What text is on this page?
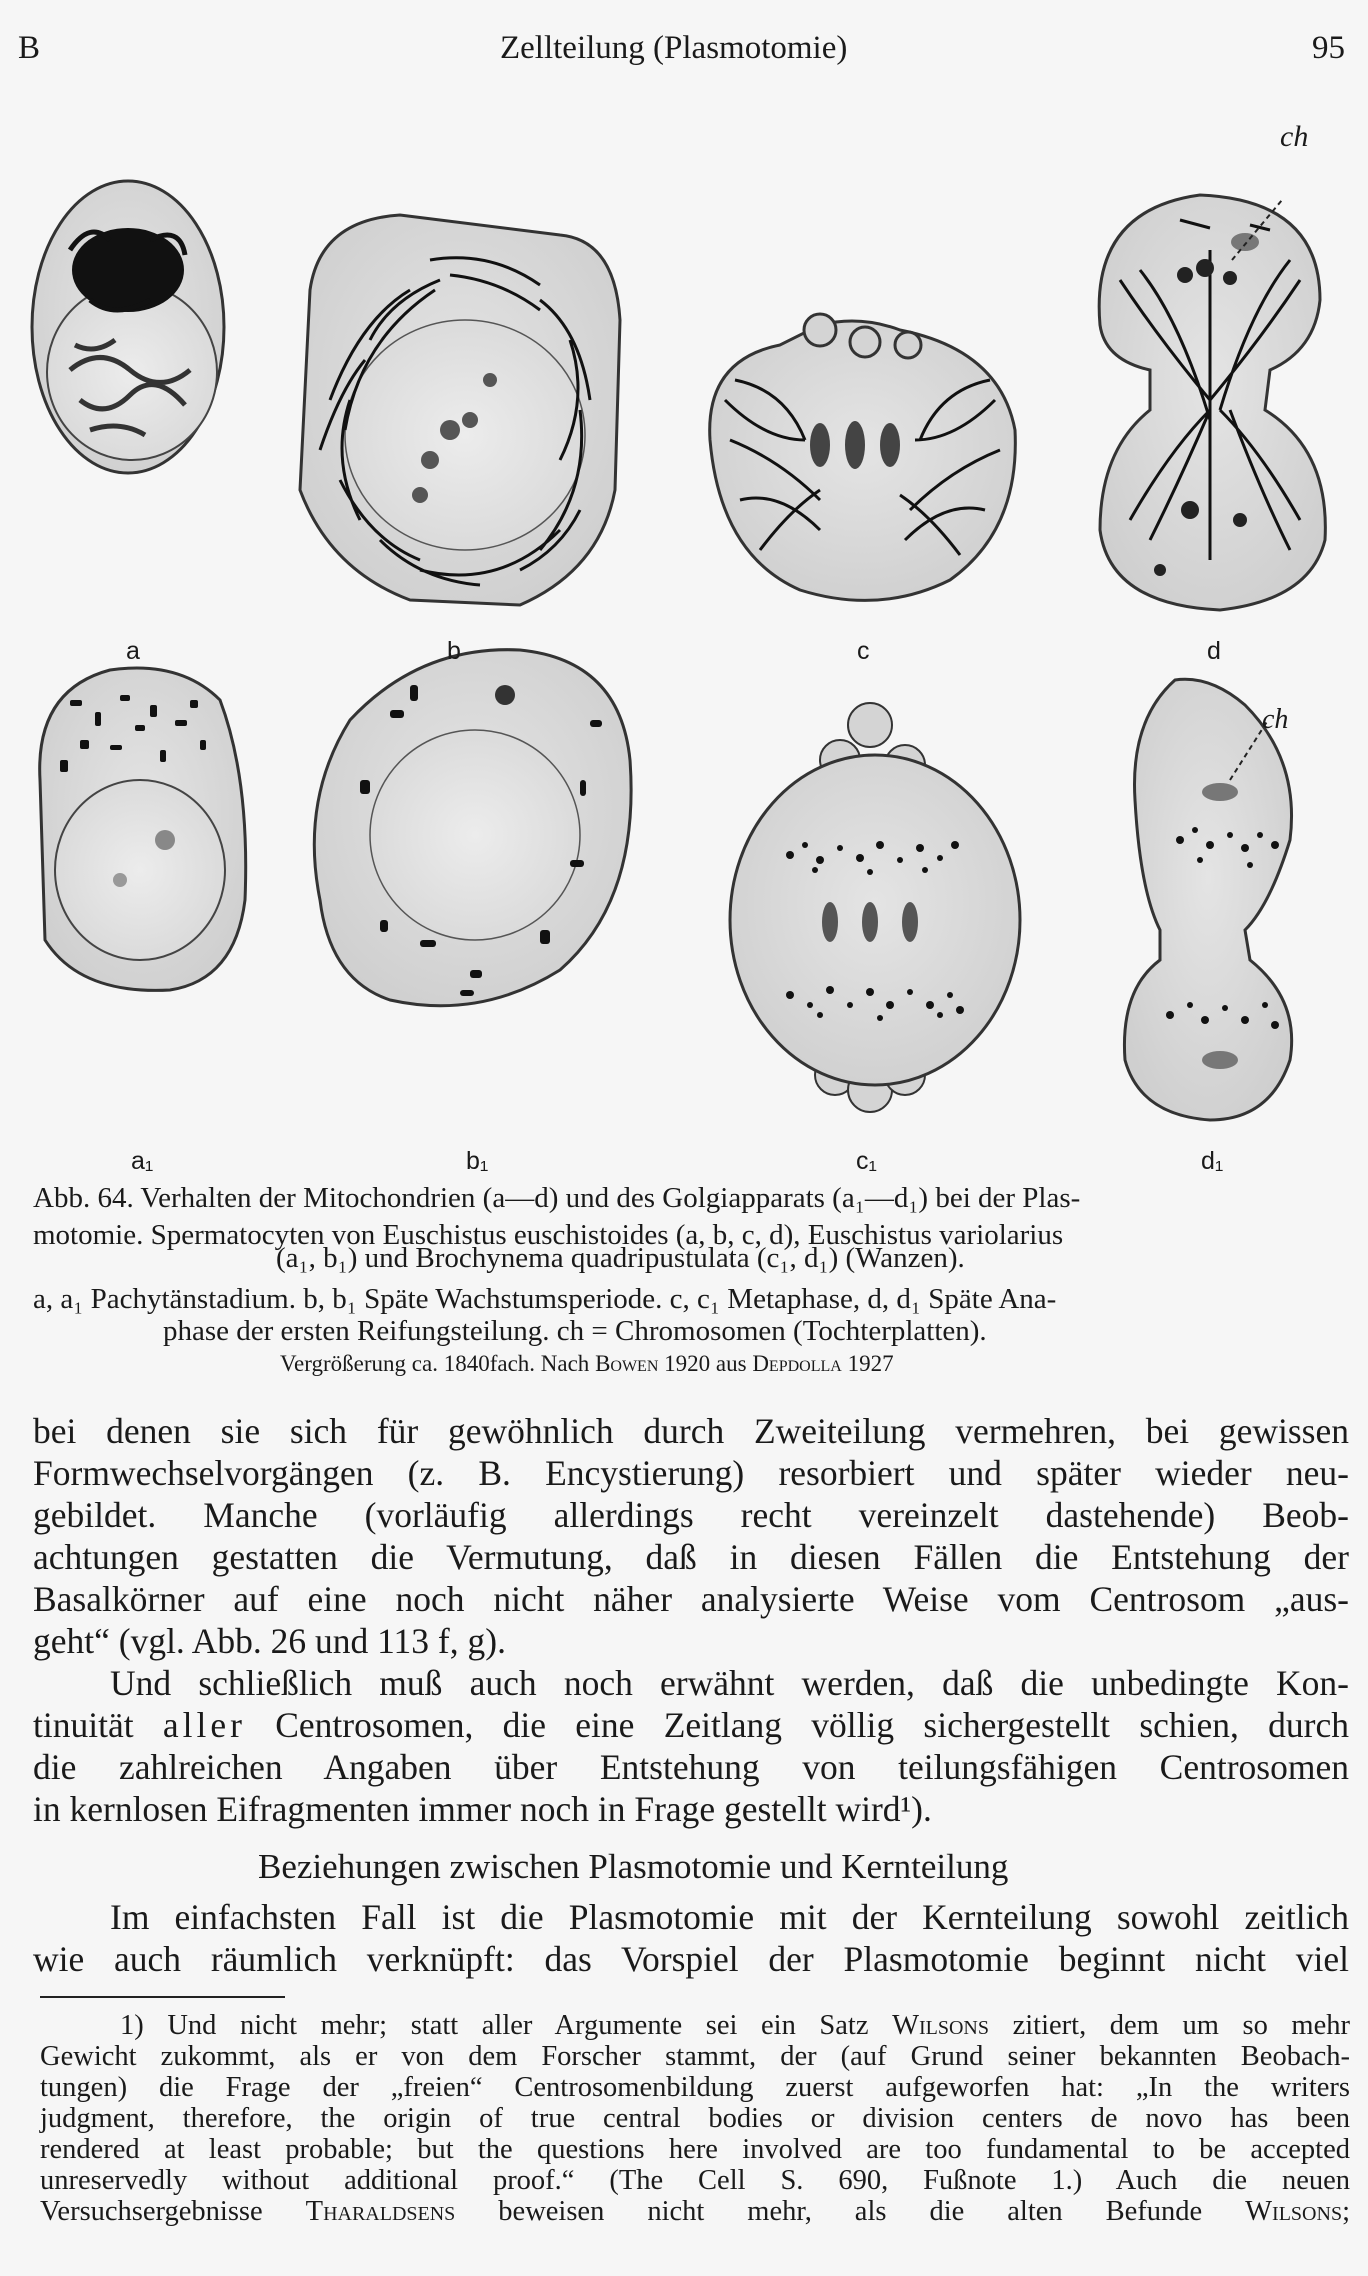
B	Zellteilung (Plasmotomie)	95
ch
ch
a	b	c	d
a₁	b₁	c₁	d₁
Abb. 64. Verhalten der Mitochondrien (a—d) und des Golgiapparats (a₁—d₁) bei der Plas-
motomie. Spermatocyten von Euschistus euschistoides (a, b, c, d), Euschistus variolarius
(a₁, b₁) und Brochynema quadripustulata (c₁, d₁) (Wanzen).
a, a₁ Pachytänstadium. b, b₁ Späte Wachstumsperiode. c, c₁ Metaphase, d, d₁ Späte Ana-
phase der ersten Reifungsteilung. ch = Chromosomen (Tochterplatten).
Vergrößerung ca. 1840fach. Nach Bowen 1920 aus Depdolla 1927
bei denen sie sich für gewöhnlich durch Zweiteilung vermehren, bei gewissen
Formwechselvorgängen (z. B. Encystierung) resorbiert und später wieder neu-
gebildet. Manche (vorläufig allerdings recht vereinzelt dastehende) Beob-
achtungen gestatten die Vermutung, daß in diesen Fällen die Entstehung der
Basalkörner auf eine noch nicht näher analysierte Weise vom Centrosom „aus-
geht“ (vgl. Abb. 26 und 113 f, g).
Und schließlich muß auch noch erwähnt werden, daß die unbedingte Kon-
tinuität aller Centrosomen, die eine Zeitlang völlig sichergestellt schien, durch
die zahlreichen Angaben über Entstehung von teilungsfähigen Centrosomen
in kernlosen Eifragmenten immer noch in Frage gestellt wird¹).
Beziehungen zwischen Plasmotomie und Kernteilung
Im einfachsten Fall ist die Plasmotomie mit der Kernteilung sowohl zeitlich
wie auch räumlich verknüpft: das Vorspiel der Plasmotomie beginnt nicht viel
1) Und nicht mehr; statt aller Argumente sei ein Satz Wilsons zitiert, dem um so mehr
Gewicht zukommt, als er von dem Forscher stammt, der (auf Grund seiner bekannten Beobach-
tungen) die Frage der „freien“ Centrosomenbildung zuerst aufgeworfen hat: „In the writers
judgment, therefore, the origin of true central bodies or division centers de novo has been
rendered at least probable; but the questions here involved are too fundamental to be accepted
unreservedly without additional proof.“ (The Cell S. 690, Fußnote 1.) Auch die neuen
Versuchsergebnisse Tharaldsens beweisen nicht mehr, als die alten Befunde Wilsons;
